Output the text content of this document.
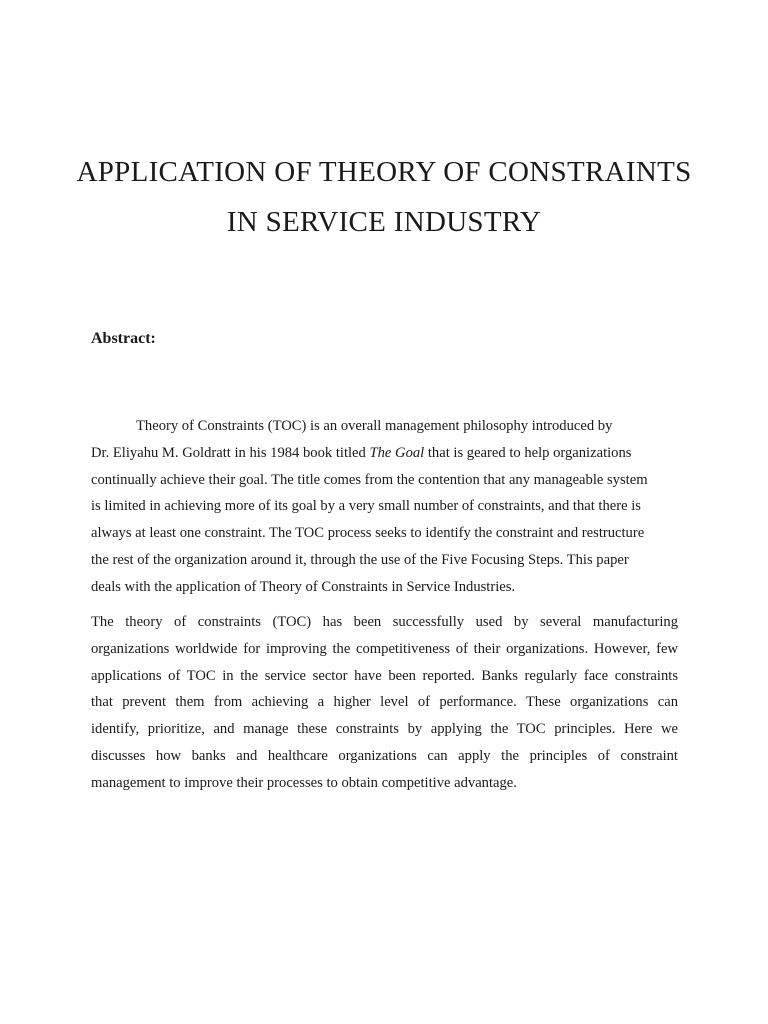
APPLICATION OF THEORY OF CONSTRAINTS
IN SERVICE INDUSTRY
Abstract:

Theory of Constraints (TOC) is an overall management philosophy introduced by
Dr. Eliyahu M. Goldratt in his 1984 book titled The Goal that is geared to help organizations
continually achieve their goal. The title comes from the contention that any manageable system
is limited in achieving more of its goal by a very small number of constraints, and that there is
always at least one constraint. The TOC process seeks to identify the constraint and restructure
the rest of the organization around it, through the use of the Five Focusing Steps. This paper
deals with the application of Theory of Constraints in Service Industries.

The theory of constraints (TOC) has been successfully used by several manufacturing
organizations worldwide for improving the competitiveness of their organizations. However, few
applications of TOC in the service sector have been reported. Banks regularly face constraints
that prevent them from achieving a higher level of performance. These organizations can
identify, prioritize, and manage these constraints by applying the TOC principles. Here we
discusses how banks and healthcare organizations can apply the principles of constraint
management to improve their processes to obtain competitive advantage.
